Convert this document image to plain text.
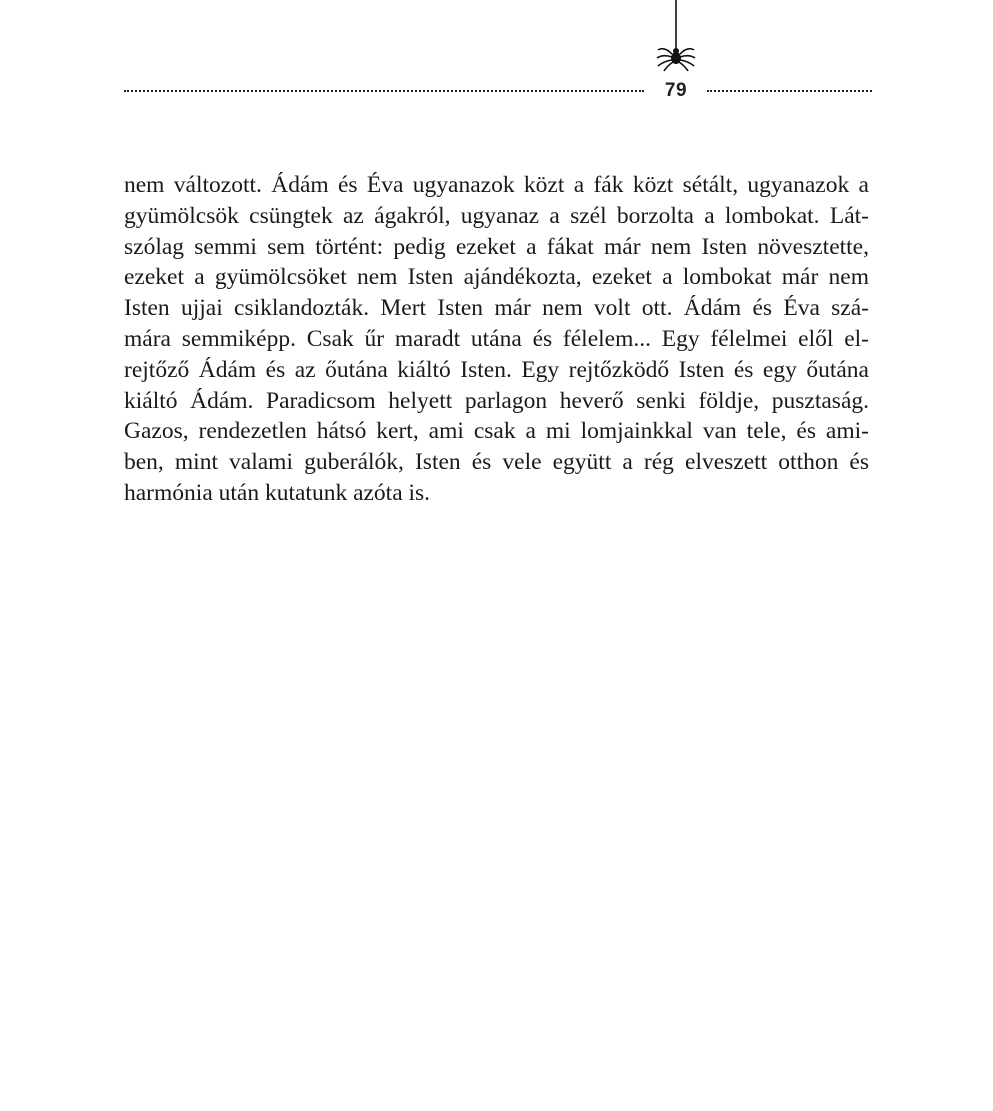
79

nem változott. Ádám és Éva ugyanazok közt a fák közt sétált, ugyanazok a
gyümölcsök csüngtek az ágakról, ugyanaz a szél borzolta a lombokat. Lát-
szólag semmi sem történt: pedig ezeket a fákat már nem Isten növesztette,
ezeket a gyümölcsöket nem Isten ajándékozta, ezeket a lombokat már nem
Isten ujjai csiklandozták. Mert Isten már nem volt ott. Ádám és Éva szá-
mára semmiképp. Csak űr maradt utána és félelem... Egy félelmei elől el-
rejtőző Ádám és az őutána kiáltó Isten. Egy rejtőzködő Isten és egy őutána
kiáltó Ádám. Paradicsom helyett parlagon heverő senki földje, pusztaság.
Gazos, rendezetlen hátsó kert, ami csak a mi lomjainkkal van tele, és ami-
ben, mint valami guberálók, Isten és vele együtt a rég elveszett otthon és
harmónia után kutatunk azóta is.
